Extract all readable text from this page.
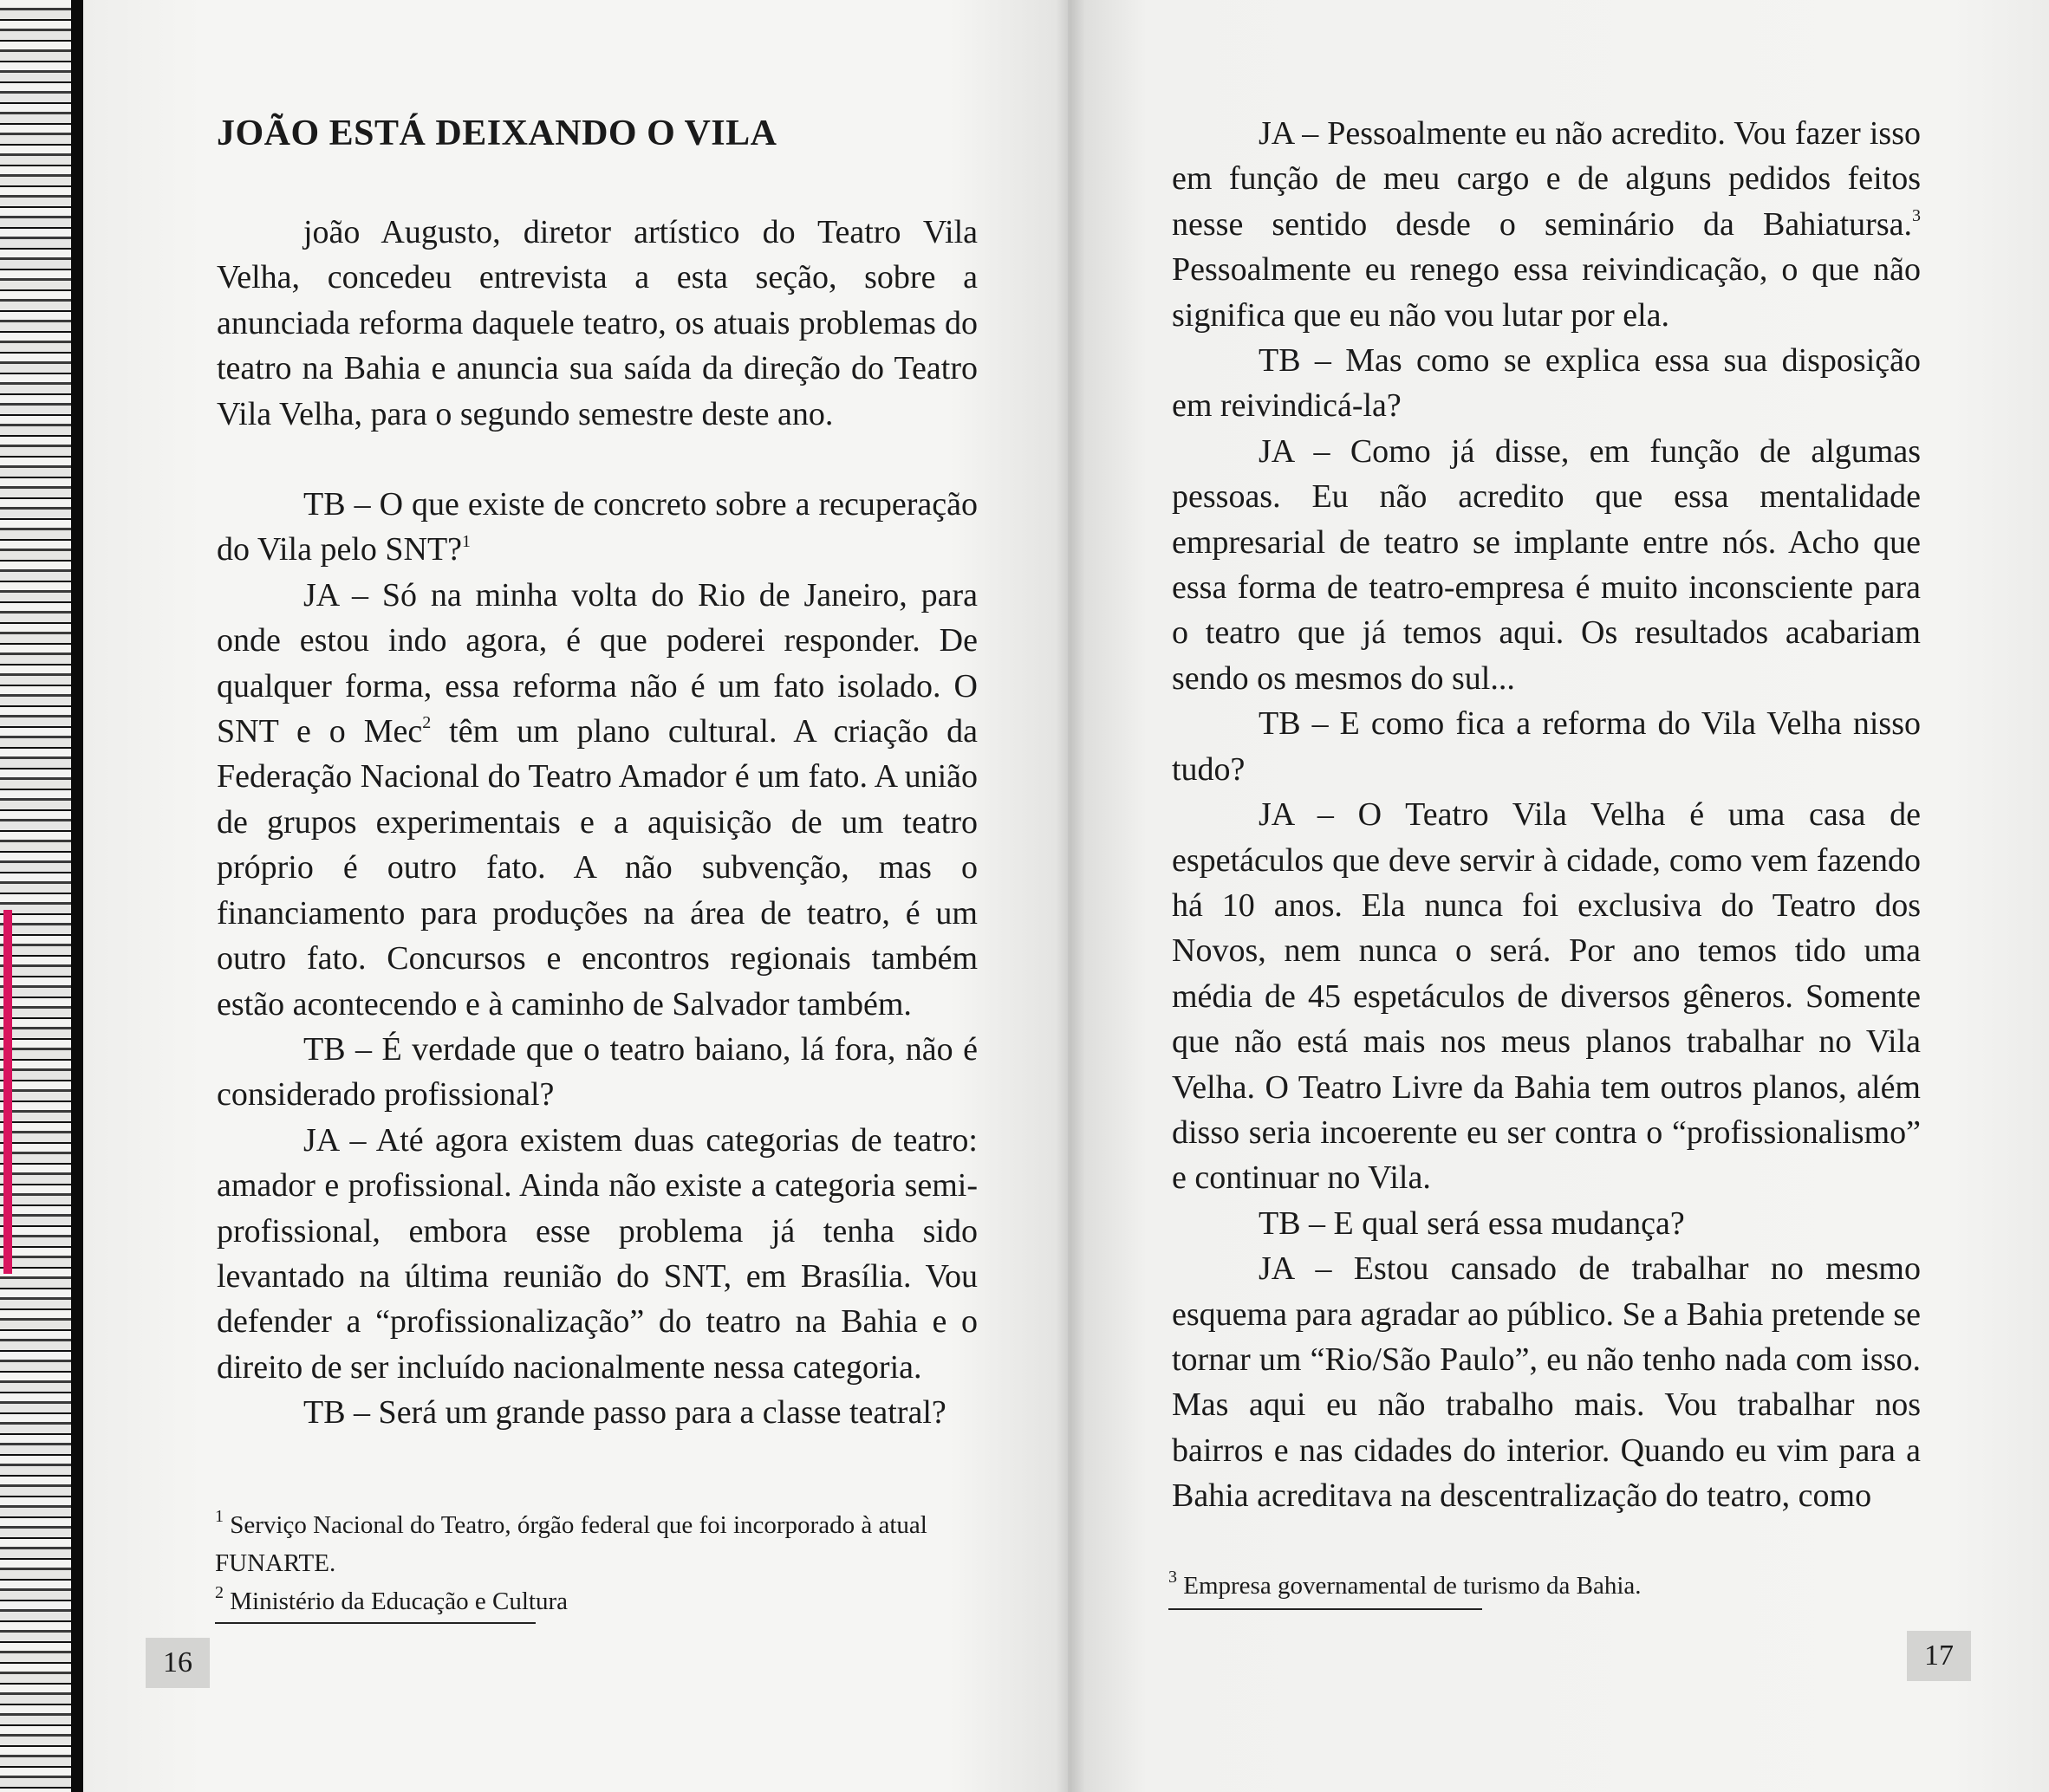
JOÃO ESTÁ DEIXANDO O VILA

joão Augusto, diretor artístico do Teatro Vila Velha, concedeu entrevista a esta seção, sobre a anunciada reforma daquele teatro, os atuais problemas do teatro na Bahia e anuncia sua saída da direção do Teatro Vila Velha, para o segundo semestre deste ano.

TB – O que existe de concreto sobre a recuperação do Vila pelo SNT?$^1$

JA – Só na minha volta do Rio de Janeiro, para onde estou indo agora, é que poderei responder. De qualquer forma, essa reforma não é um fato isolado. O SNT e o Mec$^2$ têm um plano cultural. A criação da Federação Nacional do Teatro Amador é um fato. A união de grupos experimentais e a aquisição de um teatro próprio é outro fato. A não subvenção, mas o financiamento para produções na área de teatro, é um outro fato. Concursos e encontros regionais também estão acontecendo e à caminho de Salvador também.

TB – É verdade que o teatro baiano, lá fora, não é considerado profissional?

JA – Até agora existem duas categorias de teatro: amador e profissional. Ainda não existe a categoria semi-profissional, embora esse problema já tenha sido levantado na última reunião do SNT, em Brasília. Vou defender a “profissionalização” do teatro na Bahia e o direito de ser incluído nacionalmente nessa categoria.

TB – Será um grande passo para a classe teatral?

$^1$ Serviço Nacional do Teatro, órgão federal que foi incorporado à atual FUNARTE.

$^2$ Ministério da Educação e Cultura

16

JA – Pessoalmente eu não acredito. Vou fazer isso em função de meu cargo e de alguns pedidos feitos nesse sentido desde o seminário da Bahiatursa.$^3$ Pessoalmente eu renego essa reivindicação, o que não significa que eu não vou lutar por ela.

TB – Mas como se explica essa sua disposição em reivindicá-la?

JA – Como já disse, em função de algumas pessoas. Eu não acredito que essa mentalidade empresarial de teatro se implante entre nós. Acho que essa forma de teatro-empresa é muito inconsciente para o teatro que já temos aqui. Os resultados acabariam sendo os mesmos do sul...

TB – E como fica a reforma do Vila Velha nisso tudo?

JA – O Teatro Vila Velha é uma casa de espetáculos que deve servir à cidade, como vem fazendo há 10 anos. Ela nunca foi exclusiva do Teatro dos Novos, nem nunca o será. Por ano temos tido uma média de 45 espetáculos de diversos gêneros. Somente que não está mais nos meus planos trabalhar no Vila Velha. O Teatro Livre da Bahia tem outros planos, além disso seria incoerente eu ser contra o “profissionalismo” e continuar no Vila.

TB – E qual será essa mudança?

JA – Estou cansado de trabalhar no mesmo esquema para agradar ao público. Se a Bahia pretende se tornar um “Rio/São Paulo”, eu não tenho nada com isso. Mas aqui eu não trabalho mais. Vou trabalhar nos bairros e nas cidades do interior. Quando eu vim para a Bahia acreditava na descentralização do teatro, como

$^3$ Empresa governamental de turismo da Bahia.

17
